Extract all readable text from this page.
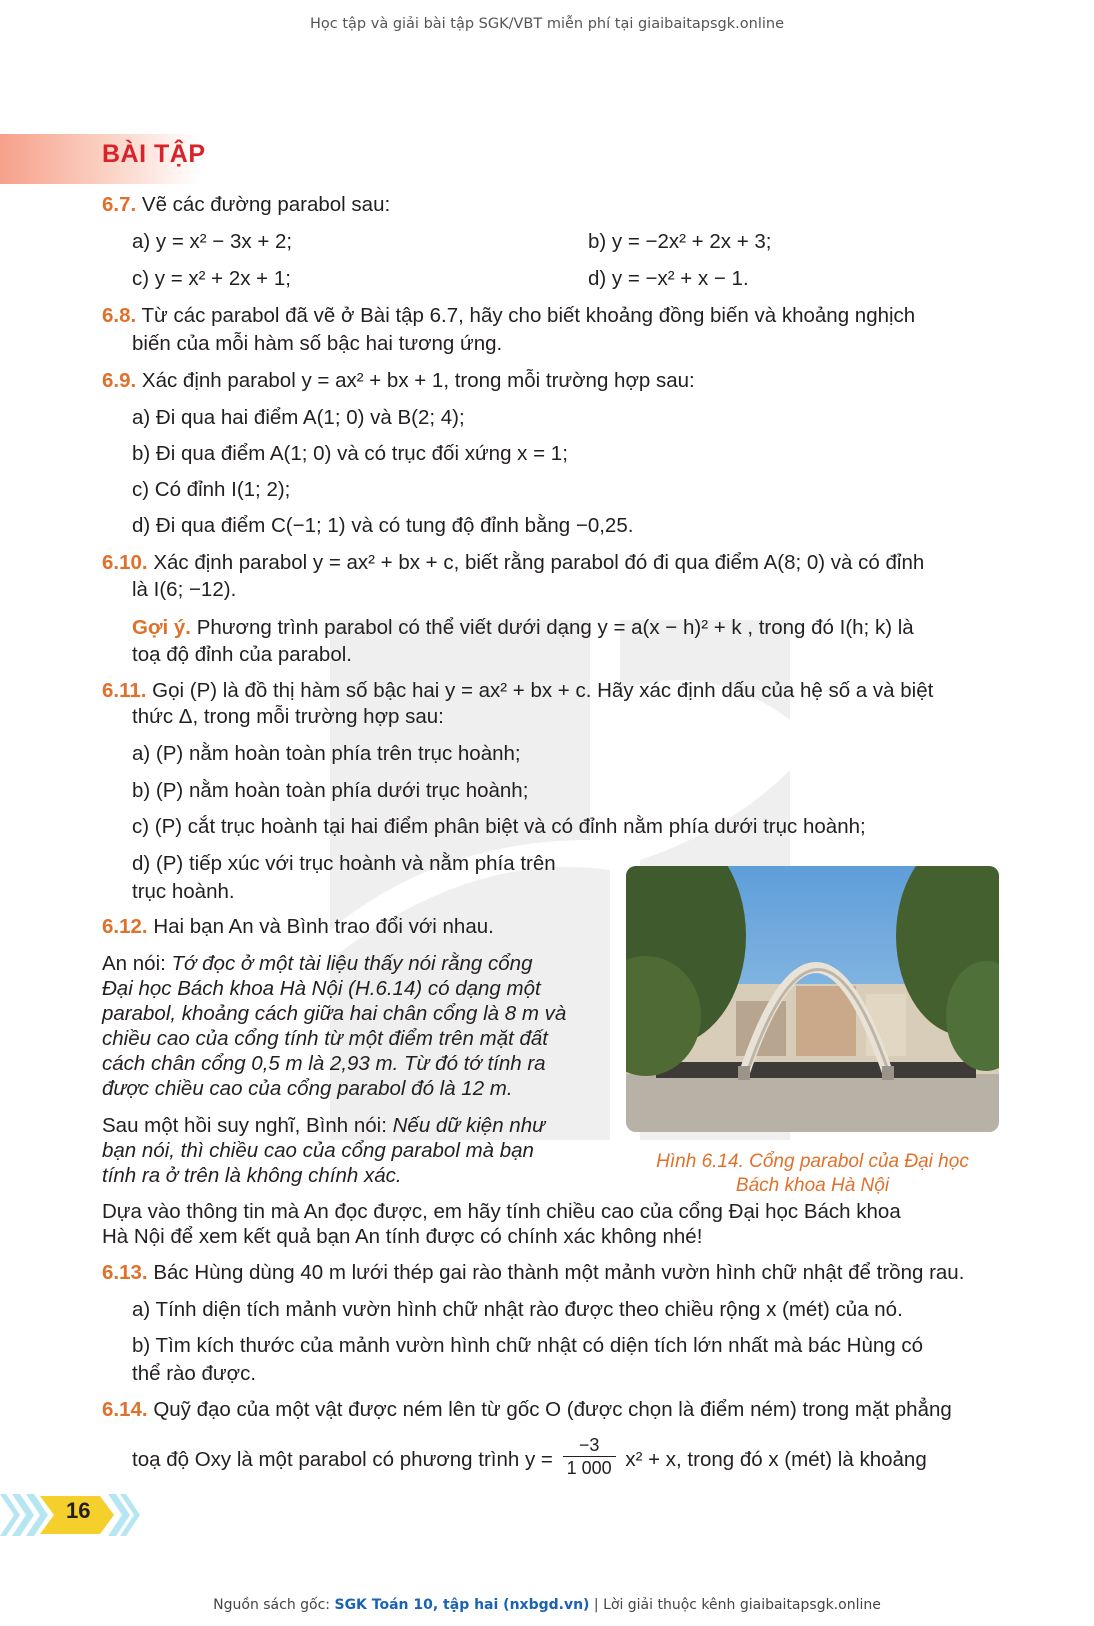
Học tập và giải bài tập SGK/VBT miễn phí tại giaibaitapsgk.online
BÀI TẬP
6.7. Vẽ các đường parabol sau:
a) y = x² − 3x + 2;	b) y = −2x² + 2x + 3;
c) y = x² + 2x + 1;	d) y = −x² + x − 1.
6.8. Từ các parabol đã vẽ ở Bài tập 6.7, hãy cho biết khoảng đồng biến và khoảng nghịch
biến của mỗi hàm số bậc hai tương ứng.
6.9. Xác định parabol y = ax² + bx + 1, trong mỗi trường hợp sau:
a) Đi qua hai điểm A(1; 0) và B(2; 4);
b) Đi qua điểm A(1; 0) và có trục đối xứng x = 1;
c) Có đỉnh I(1; 2);
d) Đi qua điểm C(−1; 1) và có tung độ đỉnh bằng −0,25.
6.10. Xác định parabol y = ax² + bx + c, biết rằng parabol đó đi qua điểm A(8; 0) và có đỉnh
là I(6; −12).
Gợi ý. Phương trình parabol có thể viết dưới dạng y = a(x − h)² + k , trong đó I(h; k) là
toạ độ đỉnh của parabol.
6.11. Gọi (P) là đồ thị hàm số bậc hai y = ax² + bx + c. Hãy xác định dấu của hệ số a và biệt
thức Δ, trong mỗi trường hợp sau:
a) (P) nằm hoàn toàn phía trên trục hoành;
b) (P) nằm hoàn toàn phía dưới trục hoành;
c) (P) cắt trục hoành tại hai điểm phân biệt và có đỉnh nằm phía dưới trục hoành;
d) (P) tiếp xúc với trục hoành và nằm phía trên
trục hoành.
Hình 6.14. Cổng parabol của Đại học
Bách khoa Hà Nội
6.12. Hai bạn An và Bình trao đổi với nhau.
An nói: Tớ đọc ở một tài liệu thấy nói rằng cổng
Đại học Bách khoa Hà Nội (H.6.14) có dạng một
parabol, khoảng cách giữa hai chân cổng là 8 m và
chiều cao của cổng tính từ một điểm trên mặt đất
cách chân cổng 0,5 m là 2,93 m. Từ đó tớ tính ra
được chiều cao của cổng parabol đó là 12 m.
Sau một hồi suy nghĩ, Bình nói: Nếu dữ kiện như
bạn nói, thì chiều cao của cổng parabol mà bạn
tính ra ở trên là không chính xác.
Dựa vào thông tin mà An đọc được, em hãy tính chiều cao của cổng Đại học Bách khoa
Hà Nội để xem kết quả bạn An tính được có chính xác không nhé!
6.13. Bác Hùng dùng 40 m lưới thép gai rào thành một mảnh vườn hình chữ nhật để trồng rau.
a) Tính diện tích mảnh vườn hình chữ nhật rào được theo chiều rộng x (mét) của nó.
b) Tìm kích thước của mảnh vườn hình chữ nhật có diện tích lớn nhất mà bác Hùng có
thể rào được.
6.14. Quỹ đạo của một vật được ném lên từ gốc O (được chọn là điểm ném) trong mặt phẳng
toạ độ Oxy là một parabol có phương trình $y = \frac{-3}{1 000} x^2 + x$, trong đó x (mét) là khoảng
16
Nguồn sách gốc: SGK Toán 10, tập hai (nxbgd.vn) | Lời giải thuộc kênh giaibaitapsgk.online
